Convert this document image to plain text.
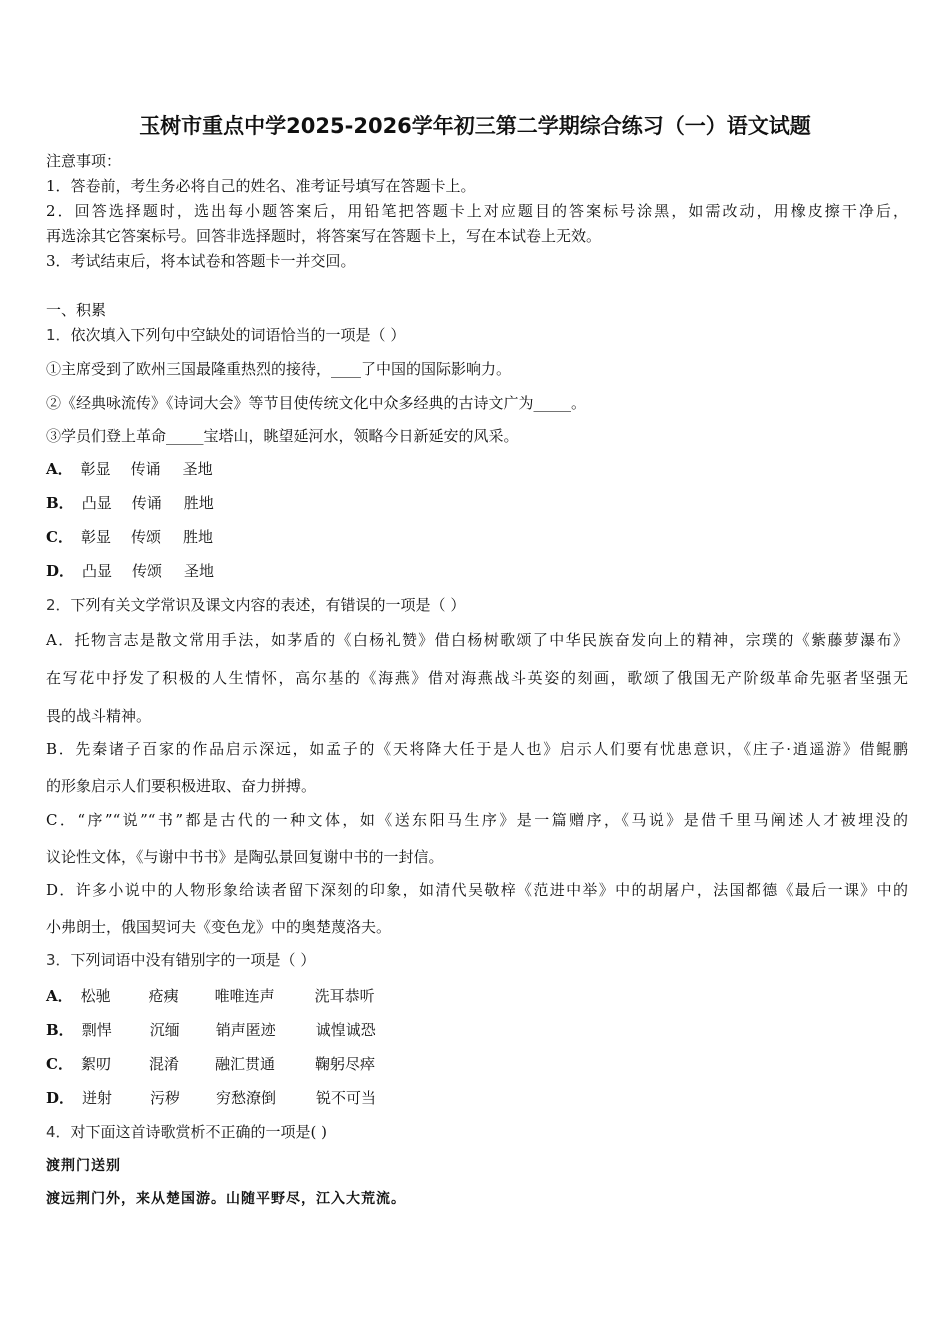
玉树市重点中学2025-2026学年初三第二学期综合练习（一）语文试题
注意事项：
1．答卷前，考生务必将自己的姓名、准考证号填写在答题卡上。
2．回答选择题时，选出每小题答案后，用铅笔把答题卡上对应题目的答案标号涂黑，如需改动，用橡皮擦干净后，
再选涂其它答案标号。回答非选择题时，将答案写在答题卡上，写在本试卷上无效。
3．考试结束后，将本试卷和答题卡一并交回。
一、积累
1．依次填入下列句中空缺处的词语恰当的一项是（ ）
①主席受到了欧州三国最隆重热烈的接待，____了中国的国际影响力。
②《经典咏流传》《诗词大会》等节目使传统文化中众多经典的古诗文广为_____。
③学员们登上革命_____宝塔山，眺望延河水，领略今日新延安的风采。
A． 彰显 传诵 圣地
B． 凸显 传诵 胜地
C． 彰显 传颂 胜地
D． 凸显 传颂 圣地
2．下列有关文学常识及课文内容的表述，有错误的一项是（ ）
A．托物言志是散文常用手法，如茅盾的《白杨礼赞》借白杨树歌颂了中华民族奋发向上的精神，宗璞的《紫藤萝瀑布》
在写花中抒发了积极的人生情怀，高尔基的《海燕》借对海燕战斗英姿的刻画，歌颂了俄国无产阶级革命先驱者坚强无
畏的战斗精神。
B．先秦诸子百家的作品启示深远，如孟子的《天将降大任于是人也》启示人们要有忧患意识，《庄子·逍遥游》借鲲鹏
的形象启示人们要积极进取、奋力拼搏。
C．“序”“说”“书”都是古代的一种文体，如《送东阳马生序》是一篇赠序，《马说》是借千里马阐述人才被埋没的
议论性文体，《与谢中书书》是陶弘景回复谢中书的一封信。
D．许多小说中的人物形象给读者留下深刻的印象，如清代吴敬梓《范进中举》中的胡屠户，法国都德《最后一课》中的
小弗朗士，俄国契诃夫《变色龙》中的奥楚蔑洛夫。
3．下列词语中没有错别字的一项是（ ）
A． 松驰	疮痍 唯唯连声	洗耳恭听
B． 剽悍	沉缅 销声匿迹	诚惶诚恐
C． 絮叨	混淆 融汇贯通	鞠躬尽瘁
D． 迸射	污秽 穷愁潦倒	锐不可当
4．对下面这首诗歌赏析不正确的一项是( )
渡荆门送别
渡远荆门外，来从楚国游。山随平野尽，江入大荒流。
